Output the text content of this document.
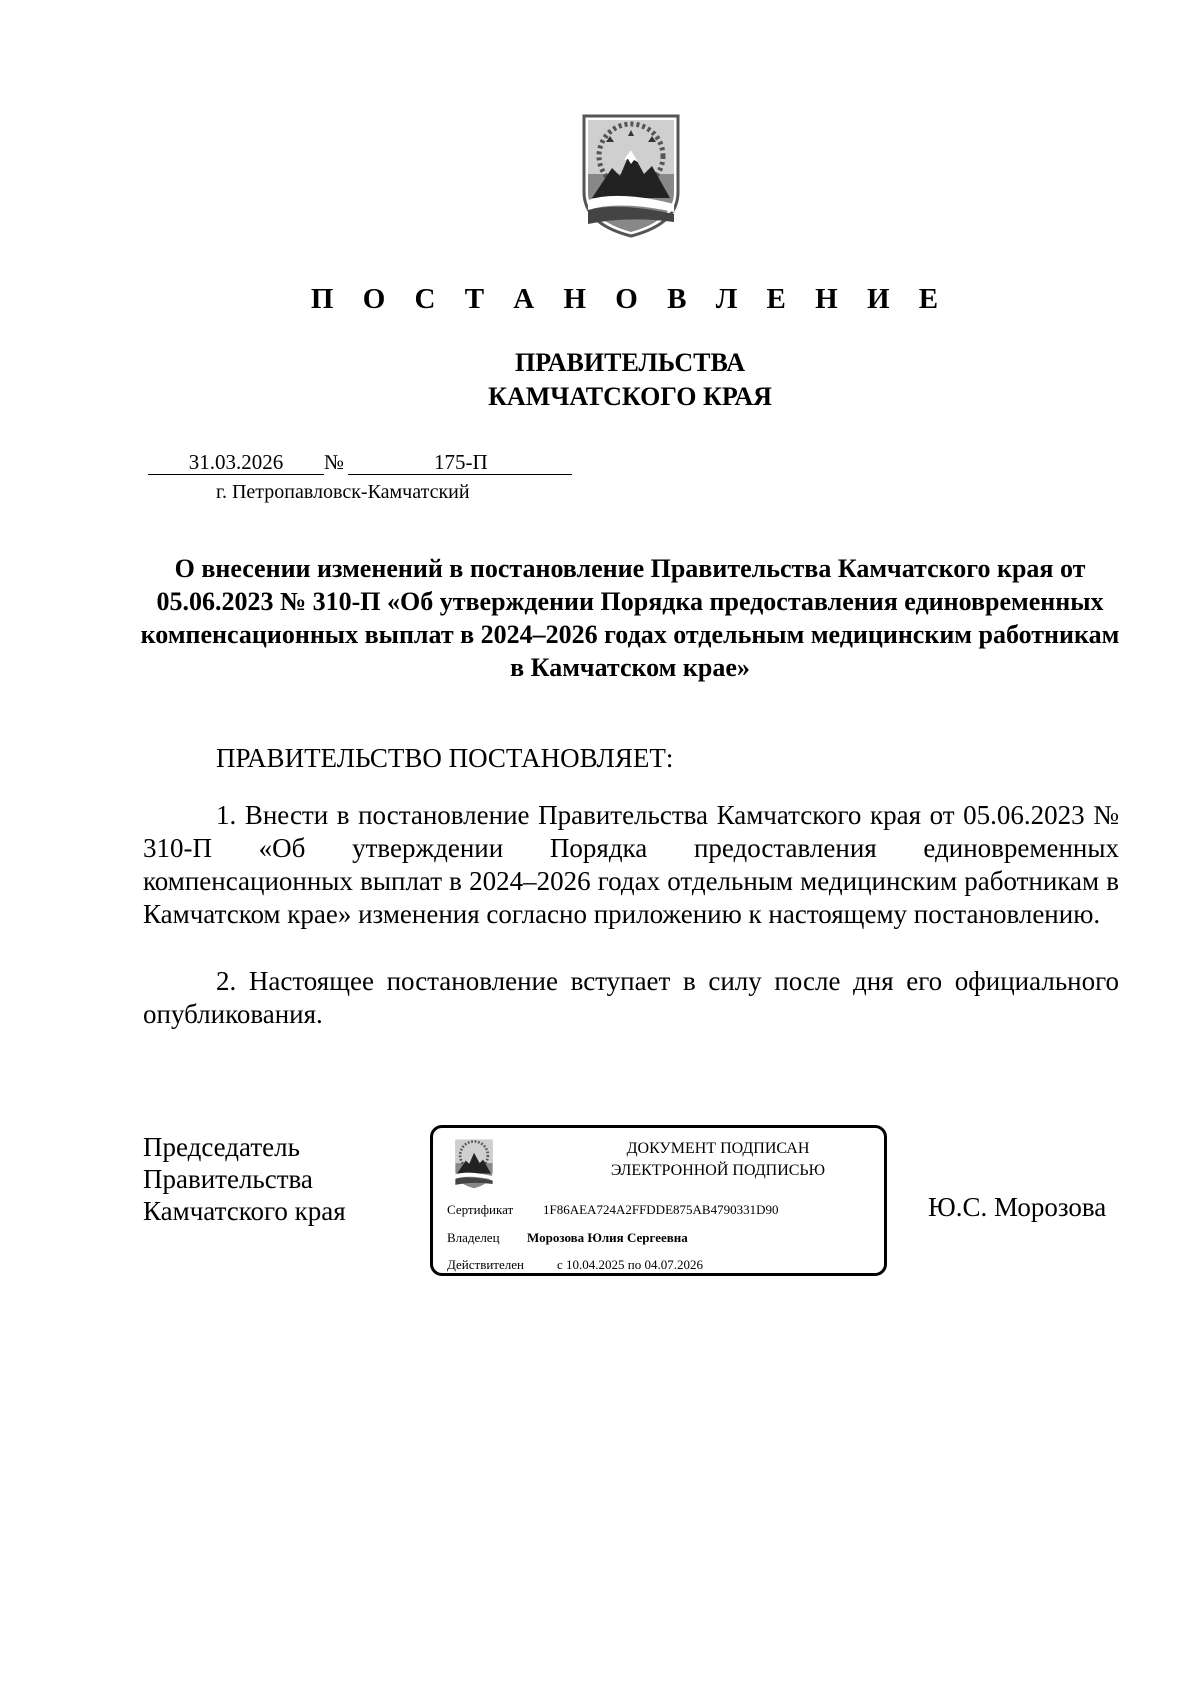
П О С Т А Н О В Л Е Н И Е
ПРАВИТЕЛЬСТВА
КАМЧАТСКОГО КРАЯ
31.03.2026	№	175-П
г. Петропавловск-Камчатский
О внесении изменений в постановление Правительства Камчатского края от 05.06.2023 № 310-П «Об утверждении Порядка предоставления единовременных компенсационных выплат в 2024–2026 годах отдельным медицинским работникам в Камчатском крае»
ПРАВИТЕЛЬСТВО ПОСТАНОВЛЯЕТ:

1. Внести в постановление Правительства Камчатского края от 05.06.2023 № 310-П «Об утверждении Порядка предоставления единовременных компенсационных выплат в 2024–2026 годах отдельным медицинским работникам в Камчатском крае» изменения согласно приложению к настоящему постановлению.

2. Настоящее постановление вступает в силу после дня его официального опубликования.

Председатель
Правительства
Камчатского края
ДОКУМЕНТ ПОДПИСАН
ЭЛЕКТРОННОЙ ПОДПИСЬЮ
Сертификат 1F86AEA724A2FFDDE875AB4790331D90
Владелец Морозова Юлия Сергеевна
Действителен	с 10.04.2025 по 04.07.2026
Ю.С. Морозова
